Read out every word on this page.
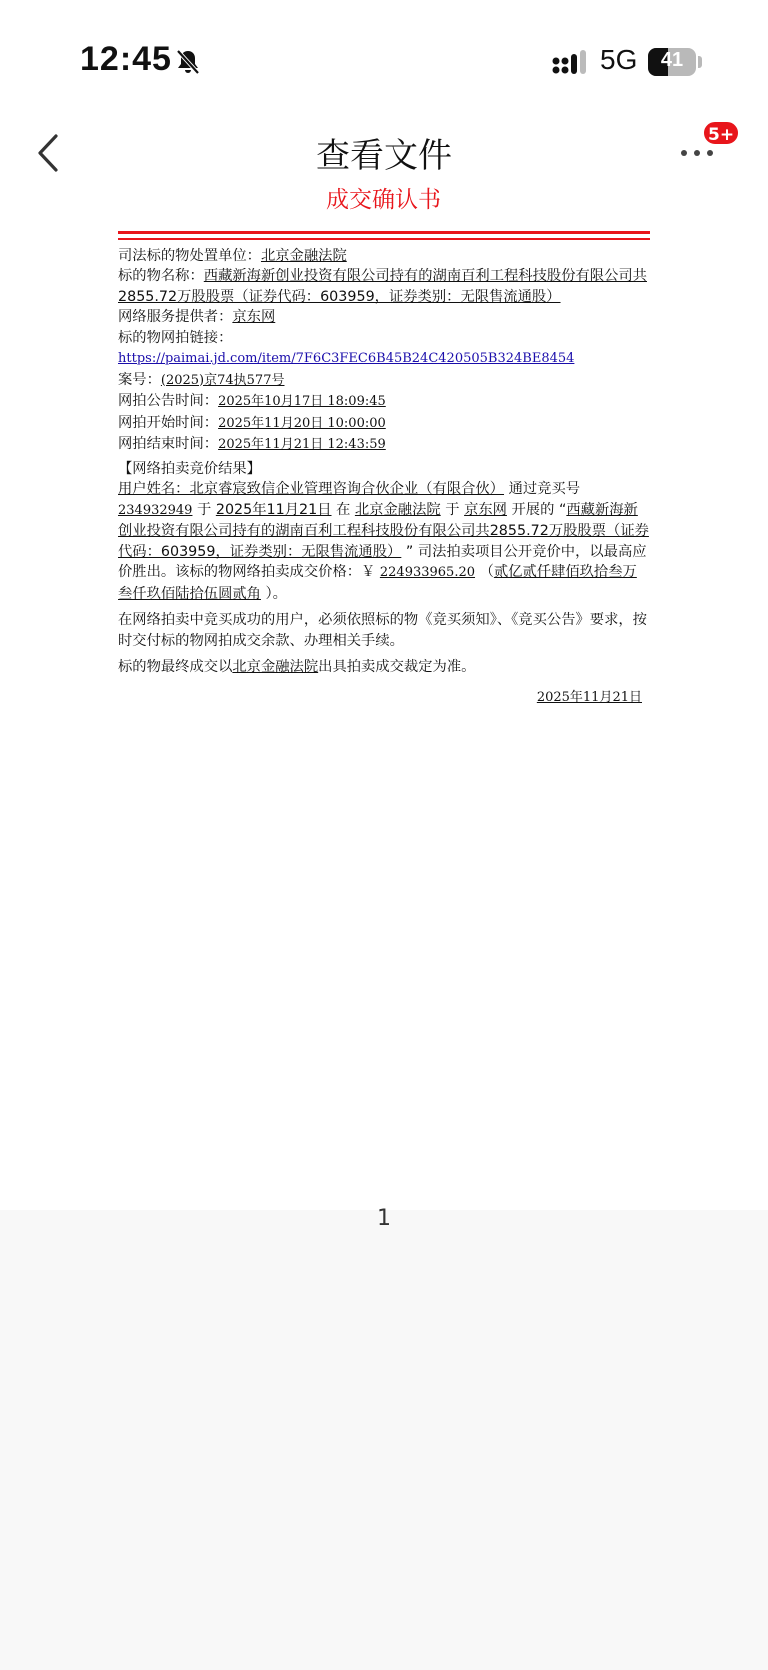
12:45	5G	41
查看文件
5+
成交确认书
司法标的物处置单位：北京金融法院
标的物名称：西藏新海新创业投资有限公司持有的湖南百利工程科技股份有限公司共2855.72万股股票（证券代码：603959，证券类别：无限售流通股）
网络服务提供者：京东网
标的物网拍链接：https://paimai.jd.com/item/7F6C3FEC6B45B24C420505B324BE8454
案号：(2025)京74执577号
网拍公告时间：2025年10月17日 18:09:45
网拍开始时间：2025年11月20日 10:00:00
网拍结束时间：2025年11月21日 12:43:59
【网络拍卖竞价结果】
用户姓名：北京睿宸致信企业管理咨询合伙企业（有限合伙） 通过竞买号234932949 于 2025年11月21日 在 北京金融法院 于 京东网 开展的 “西藏新海新创业投资有限公司持有的湖南百利工程科技股份有限公司共2855.72万股股票（证券代码：603959，证券类别：无限售流通股） ” 司法拍卖项目公开竞价中，以最高应价胜出。该标的物网络拍卖成交价格：￥ 224933965.20 （贰亿贰仟肆佰玖拾叁万叁仟玖佰陆拾伍圆贰角 ）。
在网络拍卖中竞买成功的用户，必须依照标的物《竞买须知》、《竞买公告》要求，按时交付标的物网拍成交余款、办理相关手续。
标的物最终成交以北京金融法院出具拍卖成交裁定为准。
2025年11月21日
1
